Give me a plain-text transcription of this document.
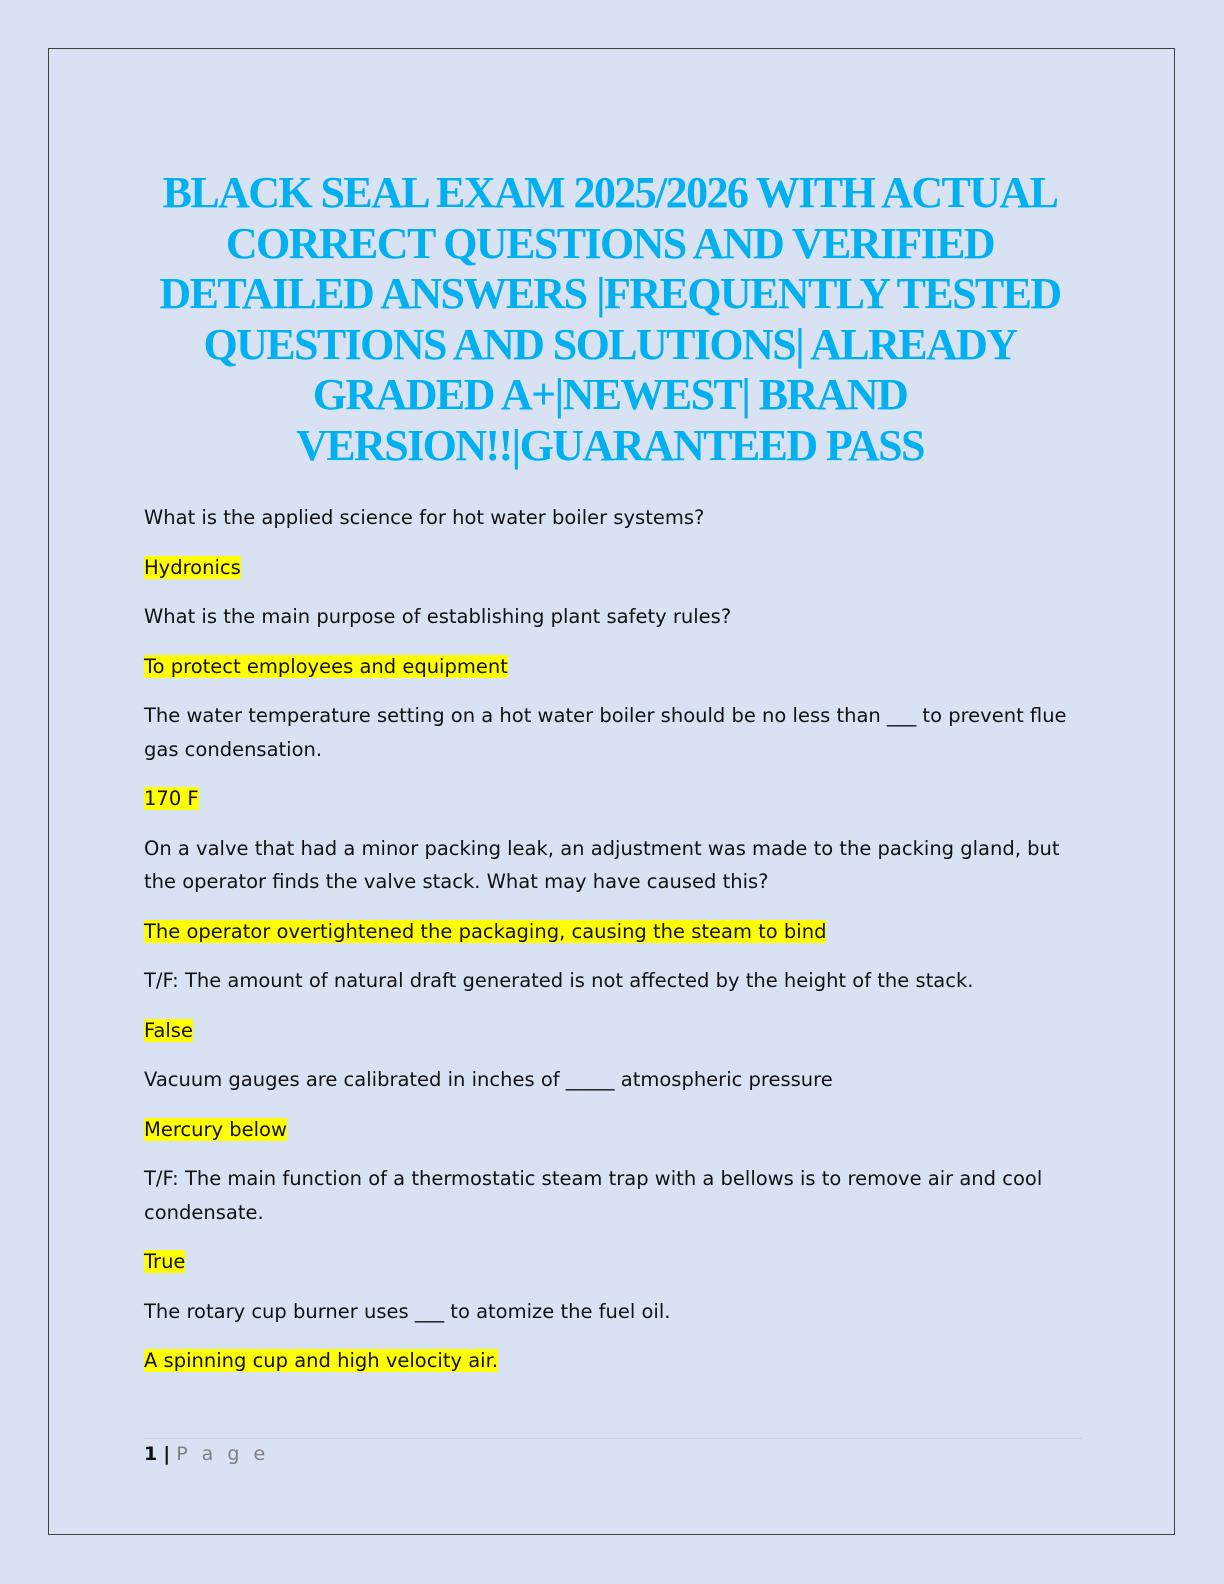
BLACK SEAL EXAM 2025/2026 WITH ACTUAL CORRECT QUESTIONS AND VERIFIED DETAILED ANSWERS |FREQUENTLY TESTED QUESTIONS AND SOLUTIONS| ALREADY GRADED A+|NEWEST| BRAND VERSION!!|GUARANTEED PASS

What is the applied science for hot water boiler systems?

Hydronics

What is the main purpose of establishing plant safety rules?

To protect employees and equipment

The water temperature setting on a hot water boiler should be no less than ___ to prevent flue gas condensation.

170 F

On a valve that had a minor packing leak, an adjustment was made to the packing gland, but the operator finds the valve stack. What may have caused this?

The operator overtightened the packaging, causing the steam to bind

T/F: The amount of natural draft generated is not affected by the height of the stack.

False

Vacuum gauges are calibrated in inches of _____ atmospheric pressure

Mercury below

T/F: The main function of a thermostatic steam trap with a bellows is to remove air and cool condensate.

True

The rotary cup burner uses ___ to atomize the fuel oil.

A spinning cup and high velocity air.

1 | P a g e
